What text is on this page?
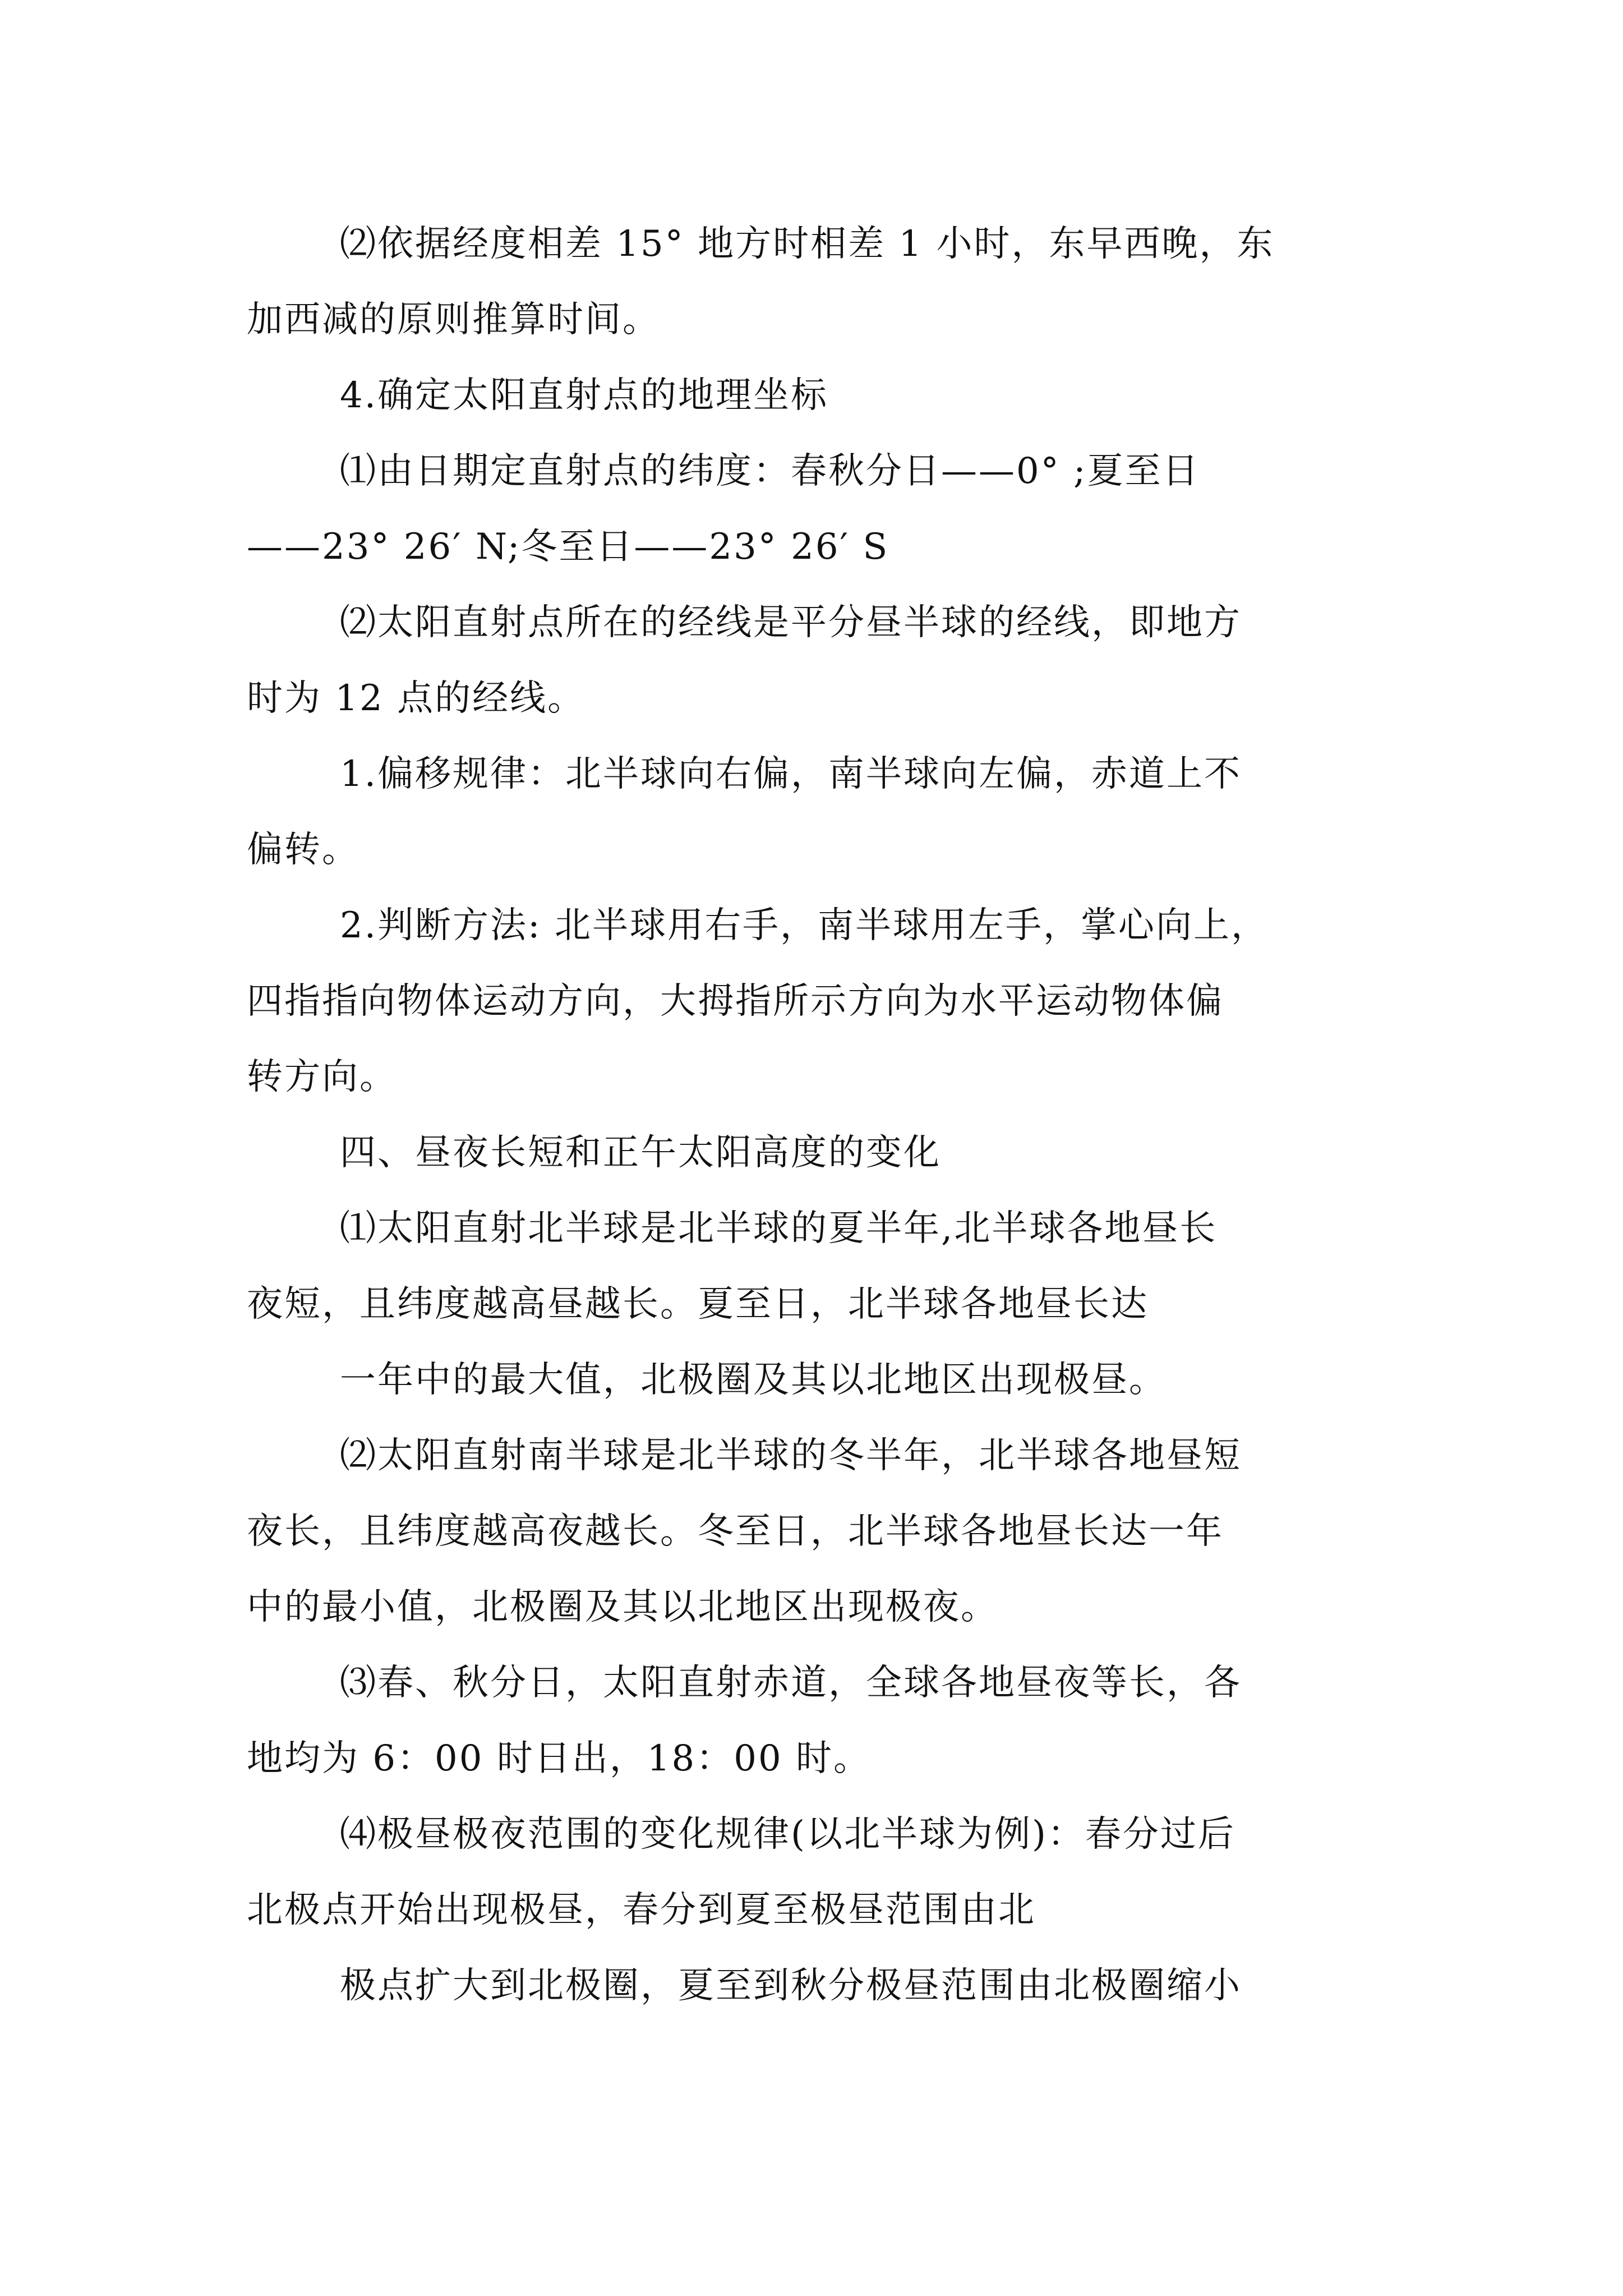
⑵依据经度相差 15° 地方时相差 1 小时，东早西晚，东
加西减的原则推算时间。
4.确定太阳直射点的地理坐标
⑴由日期定直射点的纬度：春秋分日——0° ;夏至日
——23° 26′ N;冬至日——23° 26′ S
⑵太阳直射点所在的经线是平分昼半球的经线，即地方
时为 12 点的经线。
1.偏移规律：北半球向右偏，南半球向左偏，赤道上不
偏转。
2.判断方法: 北半球用右手，南半球用左手，掌心向上，
四指指向物体运动方向，大拇指所示方向为水平运动物体偏
转方向。
四、昼夜长短和正午太阳高度的变化
⑴太阳直射北半球是北半球的夏半年,北半球各地昼长
夜短，且纬度越高昼越长。夏至日，北半球各地昼长达
一年中的最大值，北极圈及其以北地区出现极昼。
⑵太阳直射南半球是北半球的冬半年，北半球各地昼短
夜长，且纬度越高夜越长。冬至日，北半球各地昼长达一年
中的最小值，北极圈及其以北地区出现极夜。
⑶春、秋分日，太阳直射赤道，全球各地昼夜等长，各
地均为 6：00 时日出，18：00 时。
⑷极昼极夜范围的变化规律(以北半球为例)：春分过后
北极点开始出现极昼，春分到夏至极昼范围由北
极点扩大到北极圈，夏至到秋分极昼范围由北极圈缩小
